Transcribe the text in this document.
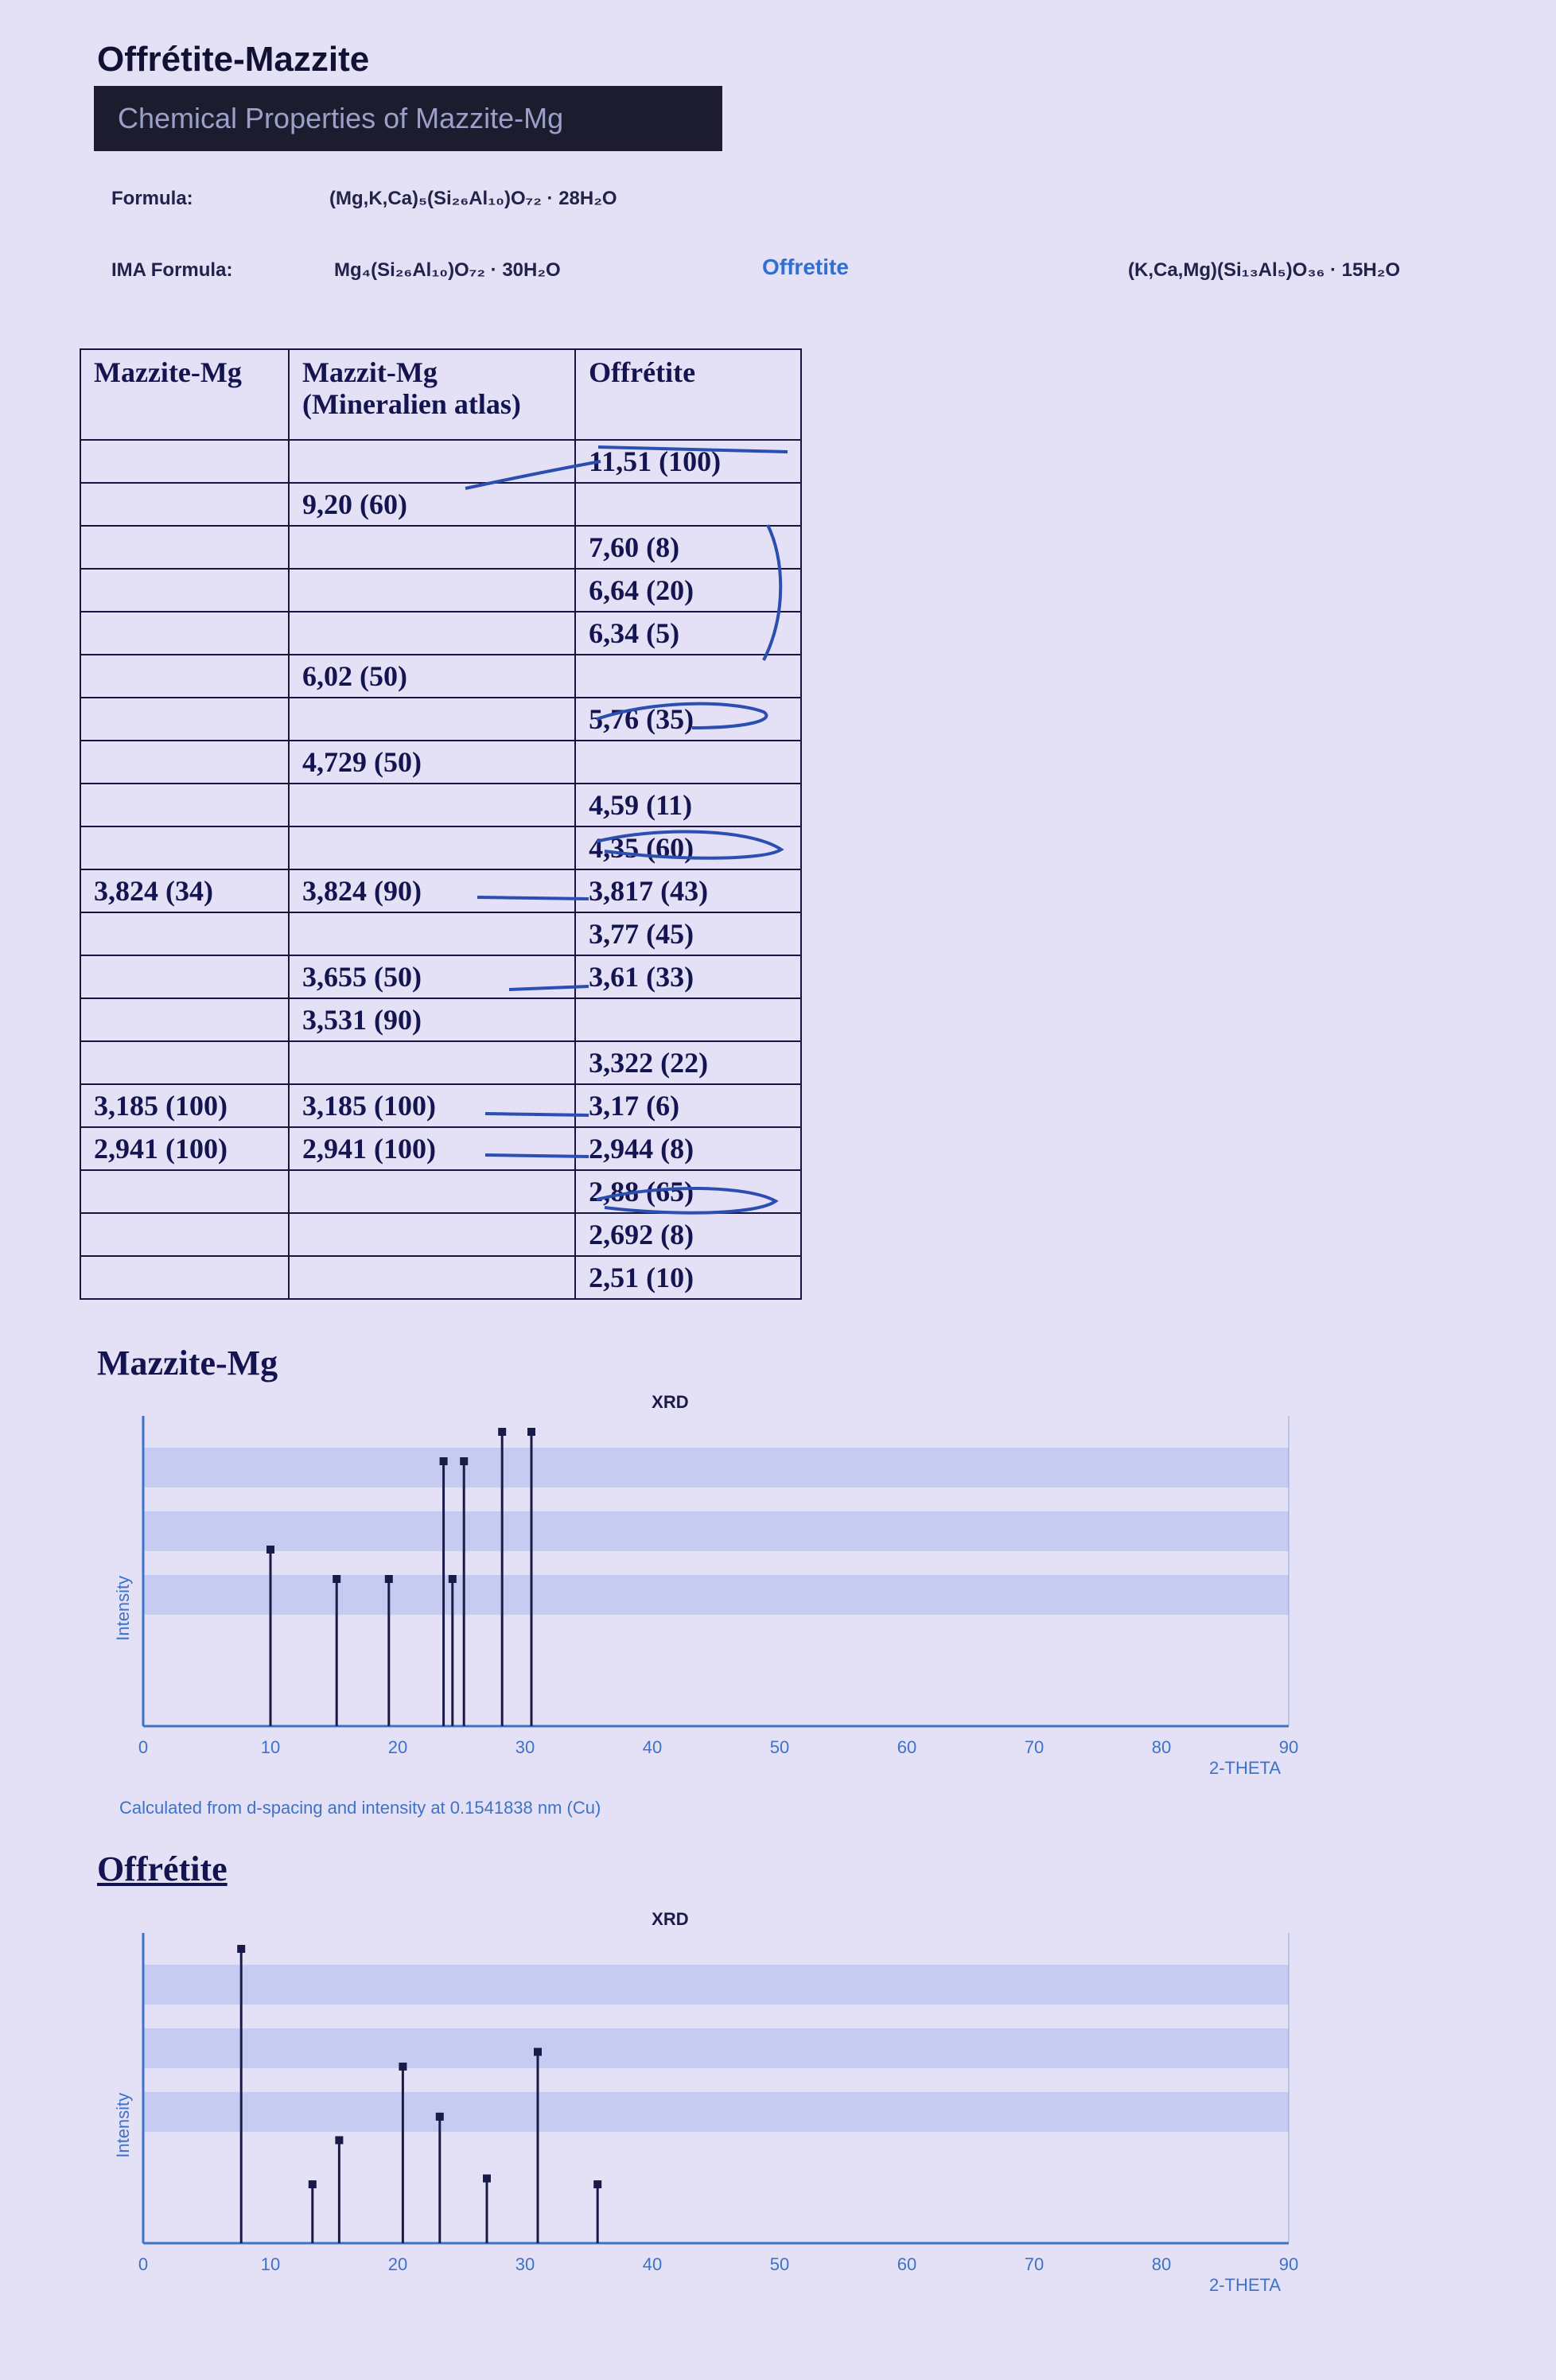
Offrétite-Mazzite
Chemical Properties of Mazzite-Mg
Formula:	(Mg,K,Ca)₅(Si₂₆Al₁₀)O₇₂ · 28H₂O
IMA Formula:	Mg₄(Si₂₆Al₁₀)O₇₂ · 30H₂O	Offretite	(K,Ca,Mg)(Si₁₃Al₅)O₃₆ · 15H₂O
Mazzite-Mg	Mazzit-Mg (Mineralien atlas)	Offrétite
		11,51 (100)
	9,20 (60)	
		7,60 (8)
		6,64 (20)
		6,34 (5)
	6,02 (50)	
		5,76 (35)
	4,729 (50)	
		4,59 (11)
		4,35 (60)
3,824 (34)	3,824 (90)	3,817 (43)
		3,77 (45)
	3,655 (50)	3,61 (33)
	3,531 (90)	
		3,322 (22)
3,185 (100)	3,185 (100)	3,17 (6)
2,941 (100)	2,941 (100)	2,944 (8)
		2,88 (65)
		2,692 (8)
		2,51 (10)
Mazzite-Mg
0	10	20	30	40	50	60	70	80	90
XRD
2-THETA
Intensity
Calculated from d-spacing and intensity at 0.1541838 nm (Cu)
Offrétite
0	10	20	30	40	50	60	70	80	90
XRD
2-THETA
Intensity
